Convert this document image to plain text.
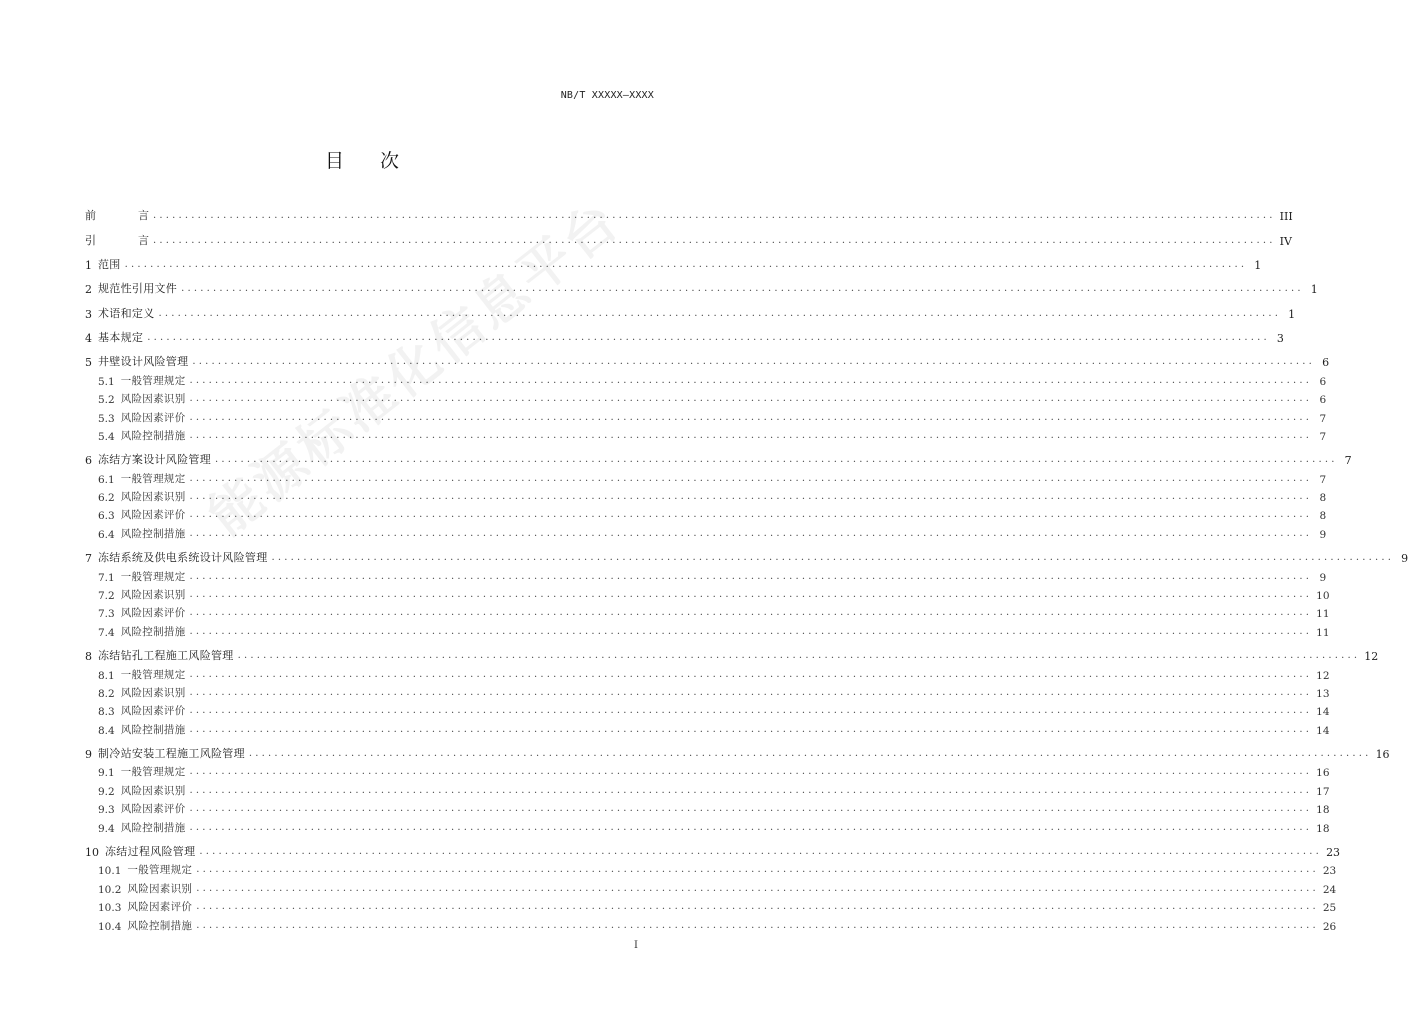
NB/T XXXXX—XXXX
目次
能源标准化信息平台
前	言 .....	III
引	言 .....	IV
1 范围 .....	1
2 规范性引用文件 .....	1
3 术语和定义 .....	1
4 基本规定 .....	3
5 井壁设计风险管理 .....	6
5.1 一般管理规定 .....	6
5.2 风险因素识别 .....	6
5.3 风险因素评价 .....	7
5.4 风险控制措施 .....	7
6 冻结方案设计风险管理 .....	7
6.1 一般管理规定 .....	7
6.2 风险因素识别 .....	8
6.3 风险因素评价 .....	8
6.4 风险控制措施 .....	9
7 冻结系统及供电系统设计风险管理 .....	9
7.1 一般管理规定 .....	9
7.2 风险因素识别 .....	10
7.3 风险因素评价 .....	11
7.4 风险控制措施 .....	11
8 冻结钻孔工程施工风险管理 .....	12
8.1 一般管理规定 .....	12
8.2 风险因素识别 .....	13
8.3 风险因素评价 .....	14
8.4 风险控制措施 .....	14
9 制冷站安装工程施工风险管理 .....	16
9.1 一般管理规定 .....	16
9.2 风险因素识别 .....	17
9.3 风险因素评价 .....	18
9.4 风险控制措施 .....	18
10 冻结过程风险管理 .....	23
10.1 一般管理规定 .....	23
10.2 风险因素识别 .....	24
10.3 风险因素评价 .....	25
10.4 风险控制措施 .....	26
I
